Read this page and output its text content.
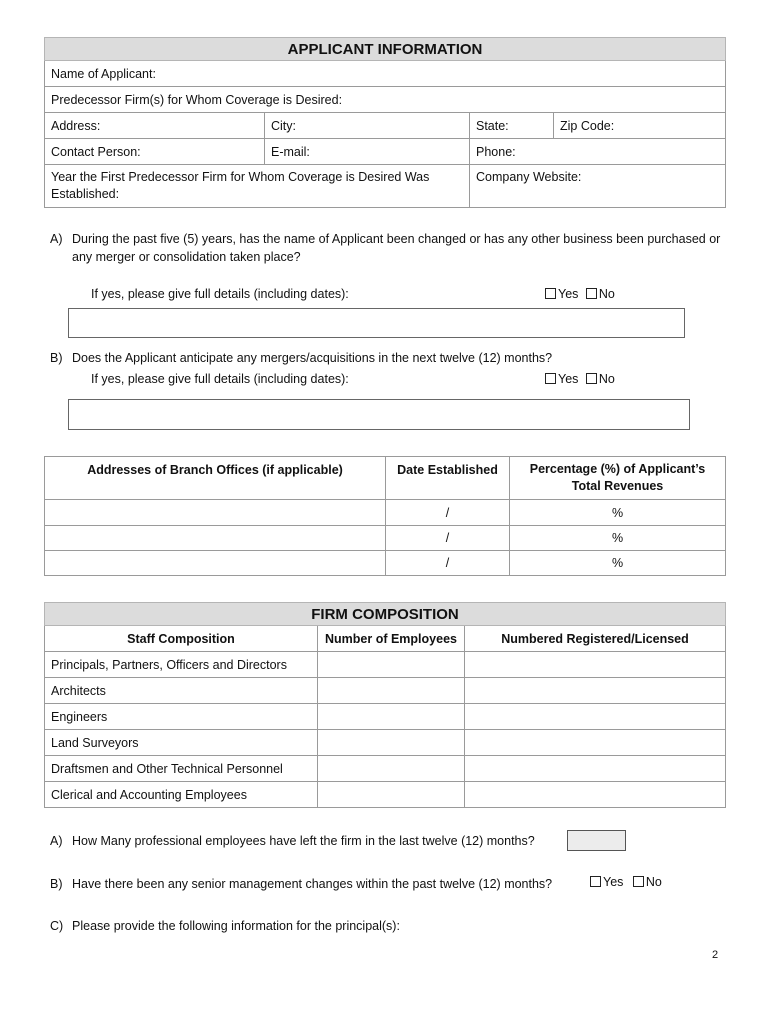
APPLICANT INFORMATION			
Name of Applicant:			
Predecessor Firm(s) for Whom Coverage is Desired:			
Address:	City:	State:	Zip Code:
Contact Person:	E-mail:	Phone:	
Year the First Predecessor Firm for Whom Coverage is Desired Was Established:		Company Website:	
A) During the past five (5) years, has the name of Applicant been changed or has any other business been purchased or any merger or consolidation taken place?
If yes, please give full details (including dates):	Yes No
B) Does the Applicant anticipate any mergers/acquisitions in the next twelve (12) months?
If yes, please give full details (including dates):	Yes No
Addresses of Branch Offices (if applicable)	Date Established	Percentage (%) of Applicant’s Total Revenues
	/	%
	/	%
	/	%
FIRM COMPOSITION		
Staff Composition	Number of Employees	Numbered Registered/Licensed
Principals, Partners, Officers and Directors		
Architects		
Engineers		
Land Surveyors		
Draftsmen and Other Technical Personnel		
Clerical and Accounting Employees		
A) How Many professional employees have left the firm in the last twelve (12) months?
B) Have there been any senior management changes within the past twelve (12) months?	Yes No
C) Please provide the following information for the principal(s):
2
